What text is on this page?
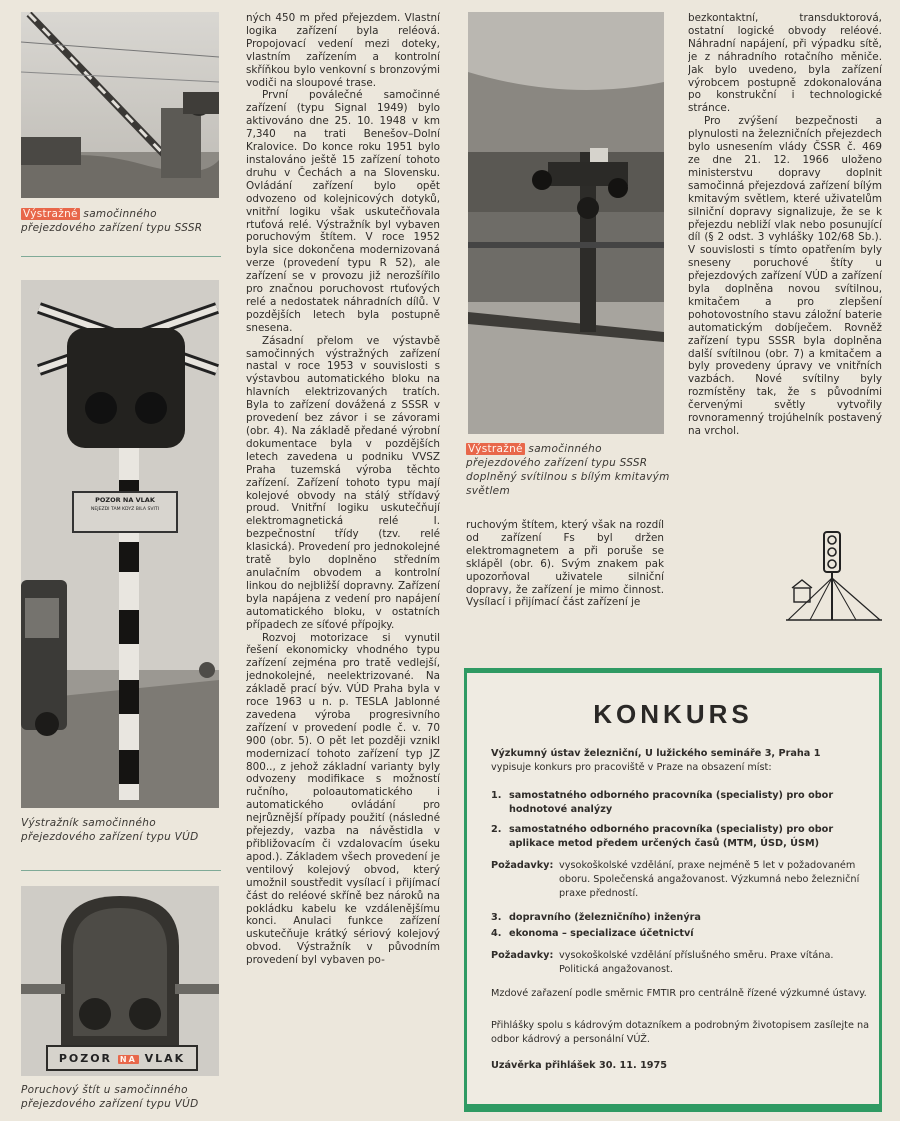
Výstražné samočinného přejezdového zařízení typu SSSR
POZOR NA VLAK
NEJEZDI TAM KDYZ BILA SVITI
Výstražník samočinného přejezdového zařízení typu VÚD
POZOR NA VLAK
Poruchový štít u samočinného přejezdového zařízení typu VÚD

ných 450 m před přejezdem. Vlastní logika zařízení byla reléová. Propojovací vedení mezi doteky, vlastním zařízením a kontrolní skříňkou bylo venkovní s bronzovými vodiči na sloupové trase.

První poválečné samočinné zařízení (typu Signal 1949) bylo aktivováno dne 25. 10. 1948 v km 7,340 na trati Benešov–Dolní Kralovice. Do konce roku 1951 bylo instalováno ještě 15 zařízení tohoto druhu v Čechách a na Slovensku. Ovládání zařízení bylo opět odvozeno od kolejnicových dotyků, vnitřní logiku však uskutečňovala rtuťová relé. Výstražník byl vybaven poruchovým štítem. V roce 1952 byla sice dokončena modernizovaná verze (provedení typu R 52), ale zařízení se v provozu již nerozšířilo pro značnou poruchovost rtuťových relé a nedostatek náhradních dílů. V pozdějších letech byla postupně snesena.

Zásadní přelom ve výstavbě samočinných výstražných zařízení nastal v roce 1953 v souvislosti s výstavbou automatického bloku na hlavních elektrizovaných tratích. Byla to zařízení dovážená z SSSR v provedení bez závor i se závorami (obr. 4). Na základě předané výrobní dokumentace byla v pozdějších letech zavedena u podniku VVSZ Praha tuzemská výroba těchto zařízení. Zařízení tohoto typu mají kolejové obvody na stálý střídavý proud. Vnitřní logiku uskutečňují elektromagnetická relé I. bezpečnostní třídy (tzv. relé klasická). Provedení pro jednokolejné tratě bylo doplněno středním anulačním obvodem a kontrolní linkou do nejbližší dopravny. Zařízení byla napájena z vedení pro napájení automatického bloku, v ostatních případech ze síťové přípojky.

Rozvoj motorizace si vynutil řešení ekonomicky vhodného typu zařízení zejména pro tratě vedlejší, jednokolejné, neelektrizované. Na základě prací býv. VÚD Praha byla v roce 1963 u n. p. TESLA Jablonné zavedena výroba progresivního zařízení v provedení podle č. v. 70 900 (obr. 5). O pět let později vznikl modernizací tohoto zařízení typ JZ 800.., z jehož základní varianty byly odvozeny modifikace s možností ručního, poloautomatického i automatického ovládání pro nejrůznější případy použití (následné přejezdy, vazba na návěstidla v přibližovacím či vzdalovacím úseku apod.). Základem všech provedení je ventilový kolejový obvod, který umožnil soustředit vysílací i přijímací část do reléové skříně bez nároků na pokládku kabelu ke vzdálenějšímu konci. Anulaci funkce zařízení uskutečňuje krátký sériový kolejový obvod. Výstražník v původním provedení byl vybaven po-

Výstražné samočinného přejezdového zařízení typu SSSR doplněný svítilnou s bílým kmitavým světlem

ruchovým štítem, který však na rozdíl od zařízení Fs byl držen elektromagnetem a při poruše se sklápěl (obr. 6). Svým znakem pak upozorňoval uživatele silniční dopravy, že zařízení je mimo činnost. Vysílací i přijímací část zařízení je

bezkontaktní, transduktorová, ostatní logické obvody reléové. Náhradní napájení, při výpadku sítě, je z náhradního rotačního měniče. Jak bylo uvedeno, byla zařízení výrobcem postupně zdokonalována po konstrukční i technologické stránce.

Pro zvýšení bezpečnosti a plynulosti na železničních přejezdech bylo usnesením vlády ČSSR č. 469 ze dne 21. 12. 1966 uloženo ministerstvu dopravy doplnit samočinná přejezdová zařízení bílým kmitavým světlem, které uživatelům silniční dopravy signalizuje, že se k přejezdu nebliží vlak nebo posunující díl (§ 2 odst. 3 vyhlášky 102/68 Sb.). V souvislosti s tímto opatřením byly sneseny poruchové štíty u přejezdových zařízení VÚD a zařízení byla doplněna novou svítilnou, kmitačem a pro zlepšení pohotovostního stavu záložní baterie automatickým dobíječem. Rovněž zařízení typu SSSR byla doplněna další svítilnou (obr. 7) a kmitačem a byly provedeny úpravy ve vnitřních vazbách. Nové svítilny byly rozmístěny tak, že s původními červenými světly vytvořily rovnoramenný trojúhelník postavený na vrchol.

KONKURS
Výzkumný ústav železniční, U lužického semináře 3, Praha 1
vypisuje konkurs pro pracoviště v Praze na obsazení míst:
1. samostatného odborného pracovníka (specialisty) pro obor hodnotové analýzy
2. samostatného odborného pracovníka (specialisty) pro obor aplikace metod předem určených časů (MTM, ÚSD, ÚSM)
Požadavky: vysokoškolské vzdělání, praxe nejméně 5 let v požadovaném oboru. Společenská angažovanost. Výzkumná nebo železniční praxe předností.
3. dopravního (železničního) inženýra
4. ekonoma – specializace účetnictví
Požadavky: vysokoškolské vzdělání příslušného směru. Praxe vítána. Politická angažovanost.
Mzdové zařazení podle směrnic FMTIR pro centrálně řízené výzkumné ústavy.
Přihlášky spolu s kádrovým dotazníkem a podrobným životopisem zasílejte na odbor kádrový a personální VÚŽ.
Uzávěrka přihlášek 30. 11. 1975
